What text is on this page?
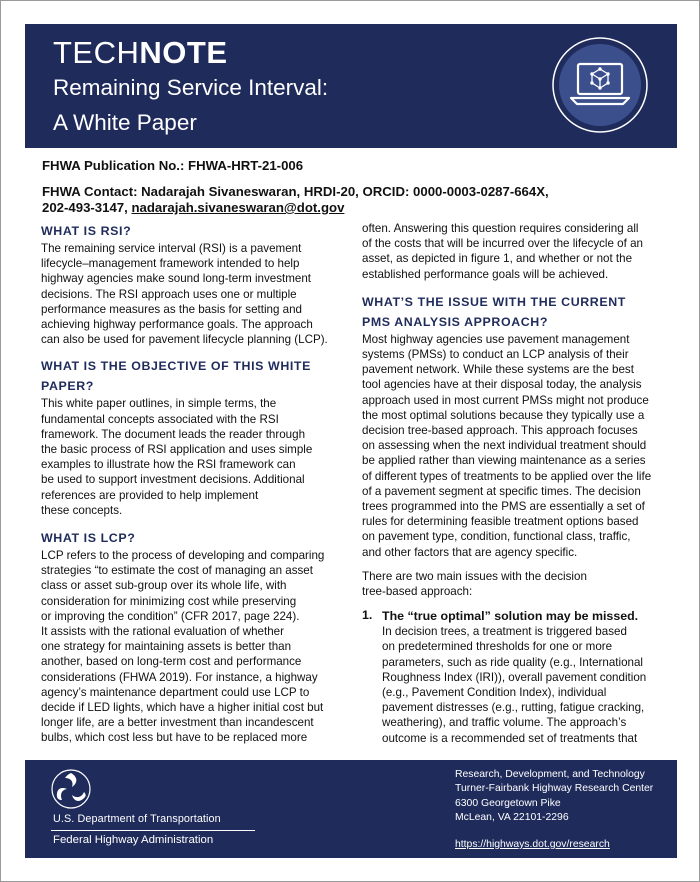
TECHNOTE
Remaining Service Interval:
A White Paper
FHWA Publication No.: FHWA-HRT-21-006
FHWA Contact: Nadarajah Sivaneswaran, HRDI-20, ORCID: 0000-0003-0287-664X,
202-493-3147, nadarajah.sivaneswaran@dot.gov
WHAT IS RSI?
The remaining service interval (RSI) is a pavement
lifecycle–management framework intended to help
highway agencies make sound long-term investment
decisions. The RSI approach uses one or multiple
performance measures as the basis for setting and
achieving highway performance goals. The approach
can also be used for pavement lifecycle planning (LCP).
WHAT IS THE OBJECTIVE OF THIS WHITE
PAPER?
This white paper outlines, in simple terms, the
fundamental concepts associated with the RSI
framework. The document leads the reader through
the basic process of RSI application and uses simple
examples to illustrate how the RSI framework can
be used to support investment decisions. Additional
references are provided to help implement
these concepts.
WHAT IS LCP?
LCP refers to the process of developing and comparing
strategies “to estimate the cost of managing an asset
class or asset sub-group over its whole life, with
consideration for minimizing cost while preserving
or improving the condition” (CFR 2017, page 224).
It assists with the rational evaluation of whether
one strategy for maintaining assets is better than
another, based on long-term cost and performance
considerations (FHWA 2019). For instance, a highway
agency’s maintenance department could use LCP to
decide if LED lights, which have a higher initial cost but
longer life, are a better investment than incandescent
bulbs, which cost less but have to be replaced more
often. Answering this question requires considering all
of the costs that will be incurred over the lifecycle of an
asset, as depicted in figure 1, and whether or not the
established performance goals will be achieved.
WHAT’S THE ISSUE WITH THE CURRENT
PMS ANALYSIS APPROACH?
Most highway agencies use pavement management
systems (PMSs) to conduct an LCP analysis of their
pavement network. While these systems are the best
tool agencies have at their disposal today, the analysis
approach used in most current PMSs might not produce
the most optimal solutions because they typically use a
decision tree-based approach. This approach focuses
on assessing when the next individual treatment should
be applied rather than viewing maintenance as a series
of different types of treatments to be applied over the life
of a pavement segment at specific times. The decision
trees programmed into the PMS are essentially a set of
rules for determining feasible treatment options based
on pavement type, condition, functional class, traffic,
and other factors that are agency specific.
There are two main issues with the decision
tree-based approach:
1. The “true optimal” solution may be missed.
In decision trees, a treatment is triggered based
on predetermined thresholds for one or more
parameters, such as ride quality (e.g., International
Roughness Index (IRI)), overall pavement condition
(e.g., Pavement Condition Index), individual
pavement distresses (e.g., rutting, fatigue cracking,
weathering), and traffic volume. The approach’s
outcome is a recommended set of treatments that
U.S. Department of Transportation
Federal Highway Administration
Research, Development, and Technology
Turner-Fairbank Highway Research Center
6300 Georgetown Pike
McLean, VA 22101-2296
https://highways.dot.gov/research
